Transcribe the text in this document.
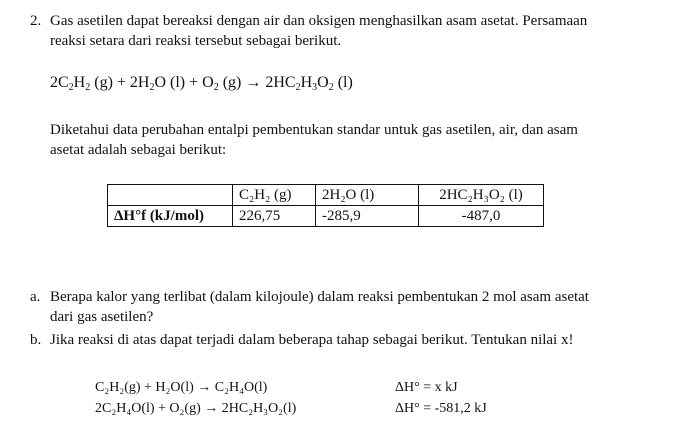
2. Gas asetilen dapat bereaksi dengan air dan oksigen menghasilkan asam asetat. Persamaan
reaksi setara dari reaksi tersebut sebagai berikut.
$2C_2H_2$ $(g) + 2H_2O$ $(l) + O_2$ $(g) \to 2HC_2H_3O_2$ (l)
Diketahui data perubahan entalpi pembentukan standar untuk gas asetilen, air, dan asam
asetat adalah sebagai berikut:
	C₂H₂ (g)	2H₂O (l)	2HC₂H₃O₂ (l)
ΔH°f (kJ/mol)	226,75	-285,9	-487,0
a. Berapa kalor yang terlibat (dalam kilojoule) dalam reaksi pembentukan 2 mol asam asetat
dari gas asetilen?
b. Jika reaksi di atas dapat terjadi dalam beberapa tahap sebagai berikut. Tentukan nilai x!
C₂H₂(g) + H₂O(l) → C₂H₄O(l)	ΔH° = x kJ
2C₂H₄O(l) + O₂(g) → 2HC₂H₃O₂(l)	ΔH° = -581,2 kJ
